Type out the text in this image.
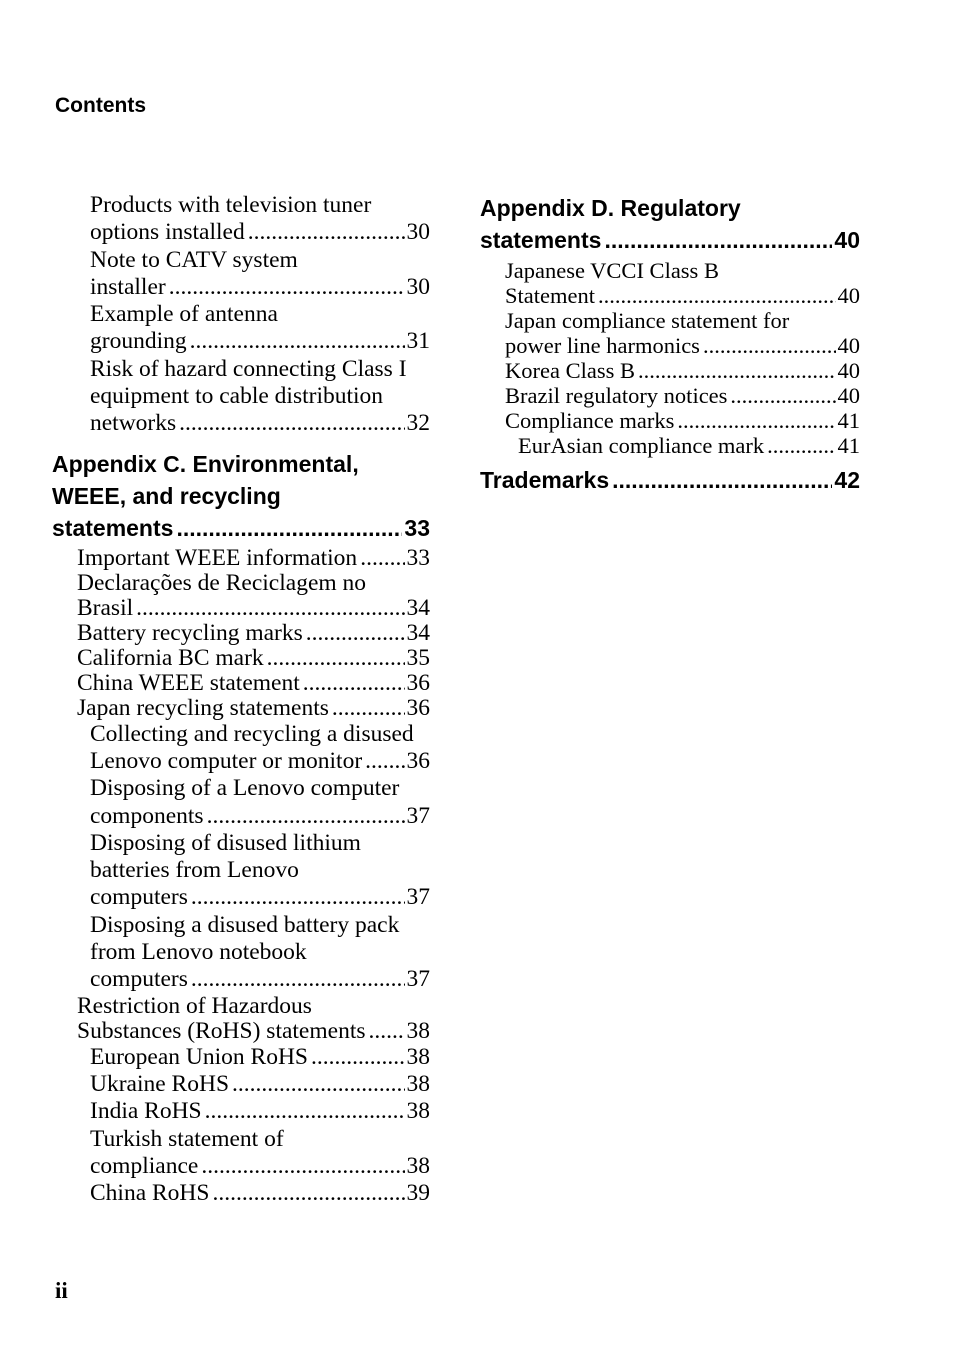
Contents
Products with television tuner
options installed .....	30
Note to CATV system
installer .....	30
Example of antenna
grounding .....	31
Risk of hazard connecting Class I
equipment to cable distribution
networks .....	32
Appendix C. Environmental,
WEEE, and recycling
statements .....	33
Important WEEE information ..... 33
Declarações de Reciclagem no
Brasil .....	34
Battery recycling marks .....	34
California BC mark .....	35
China WEEE statement .....	36
Japan recycling statements .....	36
Collecting and recycling a disused
Lenovo computer or monitor ..... 36
Disposing of a Lenovo computer
components .....	37
Disposing of disused lithium
batteries from Lenovo
computers .....	37
Disposing a disused battery pack
from Lenovo notebook
computers .....	37
Restriction of Hazardous
Substances (RoHS) statements ..... 38
European Union RoHS .....	38
Ukraine RoHS .....	38
India RoHS .....	38
Turkish statement of
compliance .....	38
China RoHS .....	39
Appendix D. Regulatory
statements .....	40
Japanese VCCI Class B
Statement .....	40
Japan compliance statement for
power line harmonics .....	40
Korea Class B .....	40
Brazil regulatory notices .....	40
Compliance marks .....	41
EurAsian compliance mark .....	41
Trademarks .....	42
ii
